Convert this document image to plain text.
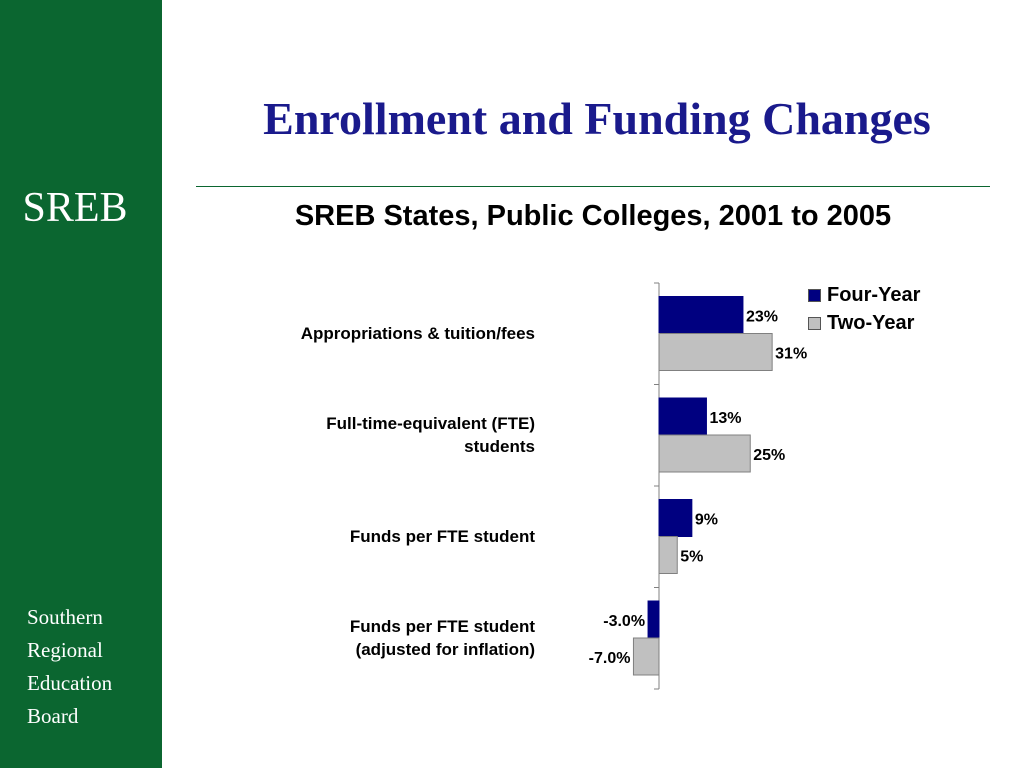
SREB
Southern
Regional
Education
Board
Enrollment and Funding Changes
SREB States, Public Colleges, 2001 to 2005
Appropriations & tuition/fees
Full-time-equivalent (FTE)
students
Funds per FTE student
Funds per FTE student
(adjusted for inflation)
23%
13%
9%
-3.0%
31%
25%
5%
-7.0%
Four-Year
Two-Year
